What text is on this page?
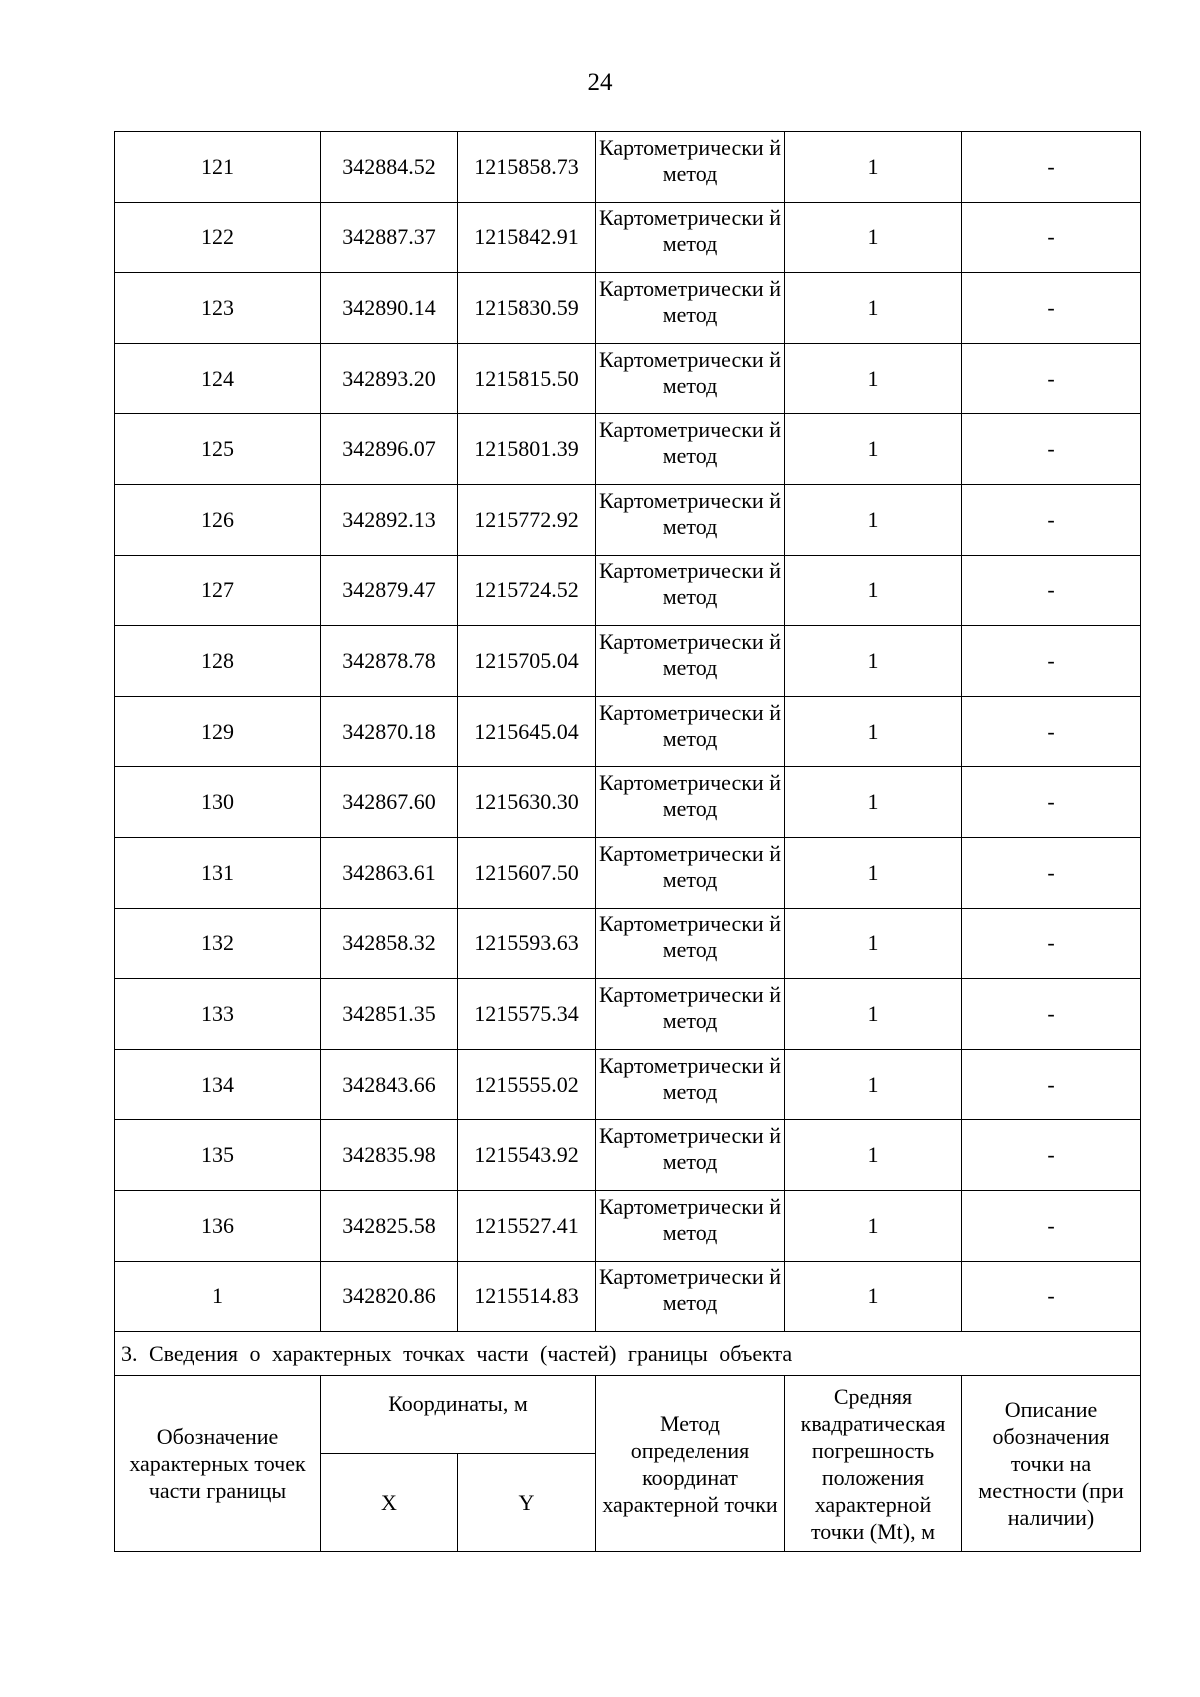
24
121	342884.52	1215858.73	Картометрически й метод	1	-
122	342887.37	1215842.91	Картометрически й метод	1	-
123	342890.14	1215830.59	Картометрически й метод	1	-
124	342893.20	1215815.50	Картометрически й метод	1	-
125	342896.07	1215801.39	Картометрически й метод	1	-
126	342892.13	1215772.92	Картометрически й метод	1	-
127	342879.47	1215724.52	Картометрически й метод	1	-
128	342878.78	1215705.04	Картометрически й метод	1	-
129	342870.18	1215645.04	Картометрически й метод	1	-
130	342867.60	1215630.30	Картометрически й метод	1	-
131	342863.61	1215607.50	Картометрически й метод	1	-
132	342858.32	1215593.63	Картометрически й метод	1	-
133	342851.35	1215575.34	Картометрически й метод	1	-
134	342843.66	1215555.02	Картометрически й метод	1	-
135	342835.98	1215543.92	Картометрически й метод	1	-
136	342825.58	1215527.41	Картометрически й метод	1	-
1	342820.86	1215514.83	Картометрически й метод	1	-
3. Сведения о характерных точках части (частей) границы объекта					
Обозначение характерных точек части границы	Координаты, м		Метод определения координат характерной точки	Средняя квадратическая погрешность положения характерной точки (Mt), м	Описание обозначения точки на местности (при наличии)
	X	Y			
